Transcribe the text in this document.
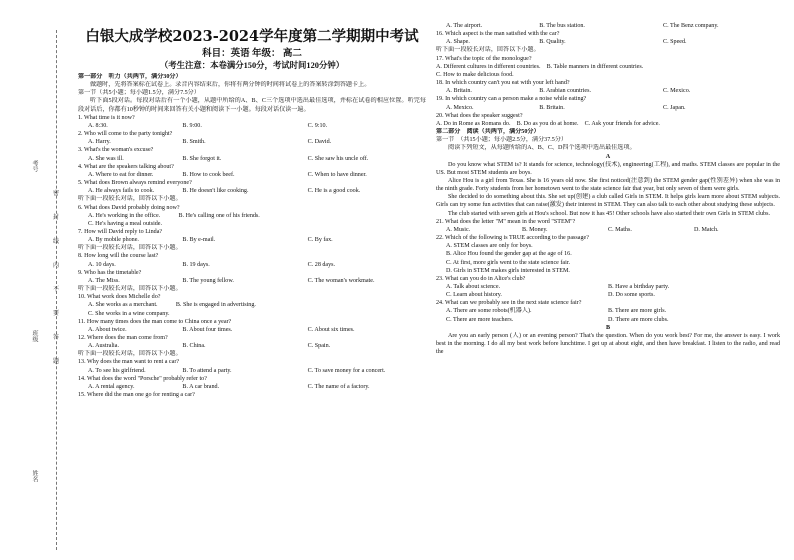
姓名
班级
考号
密
封
线
内
不
要
答
题
白银大成学校2023-2024学年度第二学期期中考试
科目：英语 年级： 高二
（考生注意：本卷满分150分，考试时间120分钟）
第一部分　听力（共两节，满分30分）
做题时，先将答案标在试卷上。录音内容结束后，你将有两分钟的时间将试卷上的答案转涂到答题卡上。
第一节（共5小题；每小题1.5分，满分7.5分）
听下面5段对话。每段对话后有一个小题，从题中所给的A、B、C三个选项中选出最佳选项，并标在试卷的相应位置。听完每段对话后，你都有10秒钟的时间来回答有关小题和阅读下一小题。每段对话仅读一遍。
1. What time is it now?
A. 8:30.	B. 9:00.	C. 9:10.
2. Who will come to the party tonight?
A. Harry.	B. Smith.	C. David.
3. What's the woman's excuse?
A. She was ill.	B. She forgot it.	C. She saw his uncle off.
4. What are the speakers talking about?
A. Where to eat for dinner.	B. How to cook beef.	C. When to have dinner.
5. What does Brown always remind everyone?
A. He always fails to cook.	B. He doesn't like cooking.	C. He is a good cook.
听下面一段较长对话，回答以下小题。
6. What does David probably doing now?
A. He's working in the office.　　　B. He's calling one of his friends.
C. He's having a meal outside.
7. How will David reply to Linda?
A. By mobile phone.	B. By e-mail.	C. By fax.
听下面一段较长对话，回答以下小题。
8. How long will the course last?
A. 10 days.	B. 19 days.	C. 28 days.
9. Who has the timetable?
A. The Miss.	B. The young fellow.	C. The woman's workmate.
听下面一段较长对话，回答以下小题。
10. What work does Michelle do?
A. She works as a merchant.　　　B. She is engaged in advertising.
C. She works in a wine company.
11. How many times does the man come to China once a year?
A. About twice.	B. About four times.	C. About six times.
12. Where does the man come from?
A. Australia.	B. China.	C. Spain.
听下面一段较长对话，回答以下小题。
13. Why does the man want to rent a car?
A. To see his girlfriend.	B. To attend a party.	C. To save money for a concert.
14. What does the word "Porsche" probably refer to?
A. A rental agency.	B. A car brand.	C. The name of a factory.
15. Where did the man one go for renting a car?
A. The airport.	B. The bus station.	C. The Benz company.
16. Which aspect is the man satisfied with the car?
A. Shape.	B. Quality.	C. Speed.
听下面一段较长对话，回答以下小题。
17. What's the topic of the monologue?
A. Different cultures in different countries.　B. Table manners in different countries.
C. How to make delicious food.
18. In which country can't you eat with your left hand?
A. Britain.	B. Arabian countries.	C. Mexico.
19. In which country can a person make a noise while eating?
A. Mexico.	B. Britain.	C. Japan.
20. What does the speaker suggest?
A. Do in Rome as Romans do.　B. Do as you do at home.　C. Ask your friends for advice.
第二部分　阅读（共两节，满分50分）
第一节　（共15小题；每小题2.5分，满分37.5分）
阅读下列短文，从每题所给的A、B、C、D四个选项中选出最佳选项。
A
Do you know what STEM is? It stands for science, technology(技术), engineering(工程), and maths. STEM classes are popular in the US. But most STEM students are boys.
Alice Hou is a girl from Texas. She is 16 years old now. She first noticed(注意到) the STEM gender gap(性别差异) when she was in the ninth grade. Forty students from her hometown went to the state science fair that year, but only seven of them were girls.
She decided to do something about this. She set up(创建) a club called Girls in STEM. It helps girls learn more about STEM subjects. Girls can try some fun activities that can raise(激发) their interest in STEM. They can also talk to each other about studying these subjects.
The club started with seven girls at Hou's school. But now it has 45! Other schools have also started their own Girls in STEM clubs.
21. What does the letter "M" mean in the word "STEM"?
A. Music.	B. Money.	C. Maths.	D. Match.
22. Which of the following is TRUE according to the passage?
A. STEM classes are only for boys.
B. Alice Hou found the gender gap at the age of 16.
C. At first, more girls went to the state science fair.
D. Girls in STEM makes girls interested in STEM.
23. What can you do in Alice's club?
A. Talk about science.	B. Have a birthday party.
C. Learn about history.	D. Do some sports.
24. What can we probably see in the next state science fair?
A. There are some robots(机器人).	B. There are more girls.
C. There are more teachers.	D. There are more clubs.
B
Are you an early person (人) or an evening person? That's the question. When do you work best? For me, the answer is easy. I work best in the morning. I do all my best work before lunchtime. I get up at about eight, and then have breakfast. I listen to the radio, and read the
